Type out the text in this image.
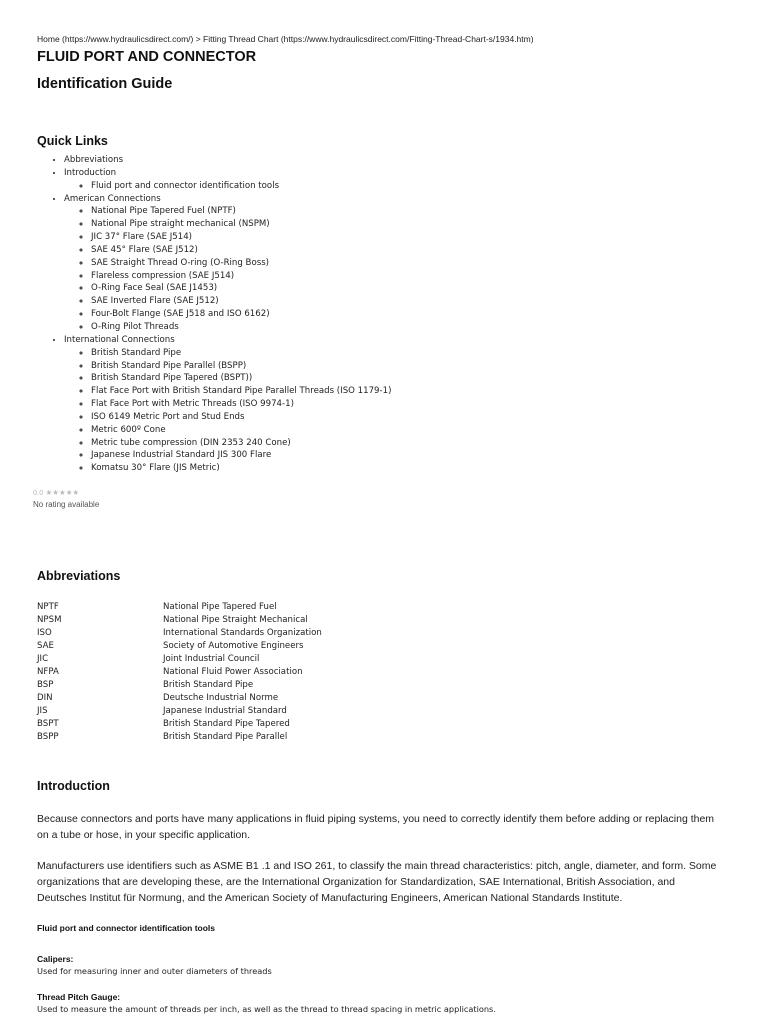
Home (https://www.hydraulicsdirect.com/) > Fitting Thread Chart (https://www.hydraulicsdirect.com/Fitting-Thread-Chart-s/1934.htm)
FLUID PORT AND CONNECTOR
Identification Guide
Quick Links
• Abbreviations
• Introduction
◦ Fluid port and connector identification tools
• American Connections
◦ National Pipe Tapered Fuel (NPTF)
◦ National Pipe straight mechanical (NSPM)
◦ JIC 37° Flare (SAE J514)
◦ SAE 45° Flare (SAE J512)
◦ SAE Straight Thread O-ring (O-Ring Boss)
◦ Flareless compression (SAE J514)
◦ O-Ring Face Seal (SAE J1453)
◦ SAE Inverted Flare (SAE J512)
◦ Four-Bolt Flange (SAE J518 and ISO 6162)
◦ O-Ring Pilot Threads
• International Connections
◦ British Standard Pipe
◦ British Standard Pipe Parallel (BSPP)
◦ British Standard Pipe Tapered (BSPT))
◦ Flat Face Port with British Standard Pipe Parallel Threads (ISO 1179-1)
◦ Flat Face Port with Metric Threads (ISO 9974-1)
◦ ISO 6149 Metric Port and Stud Ends
◦ Metric 600º Cone
◦ Metric tube compression (DIN 2353 240 Cone)
◦ Japanese Industrial Standard JIS 300 Flare
◦ Komatsu 30° Flare (JIS Metric)
0.0 ★★★★★
No rating available
Abbreviations
NPTF	National Pipe Tapered Fuel
NPSM	National Pipe Straight Mechanical
ISO	International Standards Organization
SAE	Society of Automotive Engineers
JIC	Joint Industrial Council
NFPA	National Fluid Power Association
BSP	British Standard Pipe
DIN	Deutsche Industrial Norme
JIS	Japanese Industrial Standard
BSPT	British Standard Pipe Tapered
BSPP	British Standard Pipe Parallel
Introduction
Because connectors and ports have many applications in fluid piping systems, you need to correctly identify them before adding or replacing them on a tube or hose, in your specific application.
Manufacturers use identifiers such as ASME B1 .1 and ISO 261, to classify the main thread characteristics: pitch, angle, diameter, and form. Some organizations that are developing these, are the International Organization for Standardization, SAE International, British Association, and Deutsches Institut für Normung, and the American Society of Manufacturing Engineers, American National Standards Institute.
Fluid port and connector identification tools
Calipers:
Used for measuring inner and outer diameters of threads
Thread Pitch Gauge:
Used to measure the amount of threads per inch, as well as the thread to thread spacing in metric applications.
